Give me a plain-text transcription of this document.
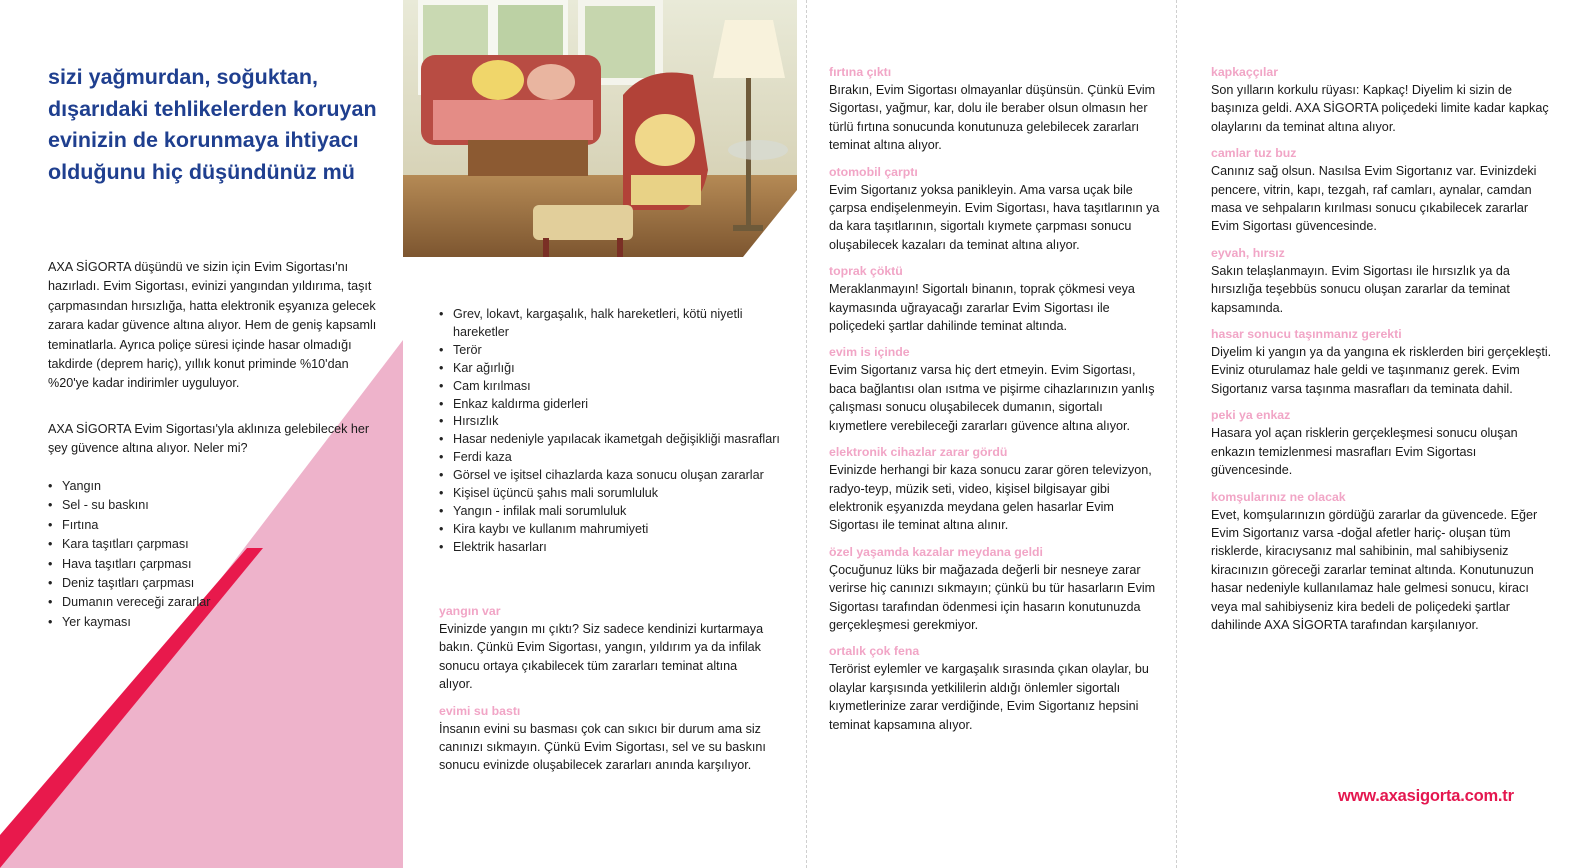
sizi yağmurdan, soğuktan, dışarıdaki tehlikelerden koruyan evinizin de korunmaya ihtiyacı olduğunu hiç düşündünüz mü

AXA SİGORTA düşündü ve sizin için Evim Sigortası'nı hazırladı. Evim Sigortası, evinizi yangından yıldırıma, taşıt çarpmasından hırsızlığa, hatta elektronik eşyanıza gelecek zarara kadar güvence altına alıyor. Hem de geniş kapsamlı teminatlarla. Ayrıca poliçe süresi içinde hasar olmadığı takdirde (deprem hariç), yıllık konut priminde %10'dan %20'ye kadar indirimler uyguluyor.

AXA SİGORTA Evim Sigortası'yla aklınıza gelebilecek her şey güvence altına alıyor. Neler mi?

• Yangın
• Sel - su baskını
• Fırtına
• Kara taşıtları çarpması
• Hava taşıtları çarpması
• Deniz taşıtları çarpması
• Dumanın vereceği zararlar
• Yer kayması
• Grev, lokavt, kargaşalık, halk hareketleri, kötü niyetli hareketler
• Terör
• Kar ağırlığı
• Cam kırılması
• Enkaz kaldırma giderleri
• Hırsızlık
• Hasar nedeniyle yapılacak ikametgah değişikliği masrafları
• Ferdi kaza
• Görsel ve işitsel cihazlarda kaza sonucu oluşan zararlar
• Kişisel üçüncü şahıs mali sorumluluk
• Yangın - infilak mali sorumluluk
• Kira kaybı ve kullanım mahrumiyeti
• Elektrik hasarları
yangın var

Evinizde yangın mı çıktı? Siz sadece kendinizi kurtarmaya bakın. Çünkü Evim Sigortası, yangın, yıldırım ya da infilak sonucu ortaya çıkabilecek tüm zararları teminat altına alıyor.

evimi su bastı

İnsanın evini su basması çok can sıkıcı bir durum ama siz canınızı sıkmayın. Çünkü Evim Sigortası, sel ve su baskını sonucu evinizde oluşabilecek zararları anında karşılıyor.

fırtına çıktı

Bırakın, Evim Sigortası olmayanlar düşünsün. Çünkü Evim Sigortası, yağmur, kar, dolu ile beraber olsun olmasın her türlü fırtına sonucunda konutunuza gelebilecek zararları teminat altına alıyor.

otomobil çarptı

Evim Sigortanız yoksa panikleyin. Ama varsa uçak bile çarpsa endişelenmeyin. Evim Sigortası, hava taşıtlarının ya da kara taşıtlarının, sigortalı kıymete çarpması sonucu oluşabilecek kazaları da teminat altına alıyor.

toprak çöktü

Meraklanmayın! Sigortalı binanın, toprak çökmesi veya kaymasında uğrayacağı zararlar Evim Sigortası ile poliçedeki şartlar dahilinde teminat altında.

evim is içinde

Evim Sigortanız varsa hiç dert etmeyin. Evim Sigortası, baca bağlantısı olan ısıtma ve pişirme cihazlarınızın yanlış çalışması sonucu oluşabilecek dumanın, sigortalı kıymetlere verebileceği zararları güvence altına alıyor.

elektronik cihazlar zarar gördü

Evinizde herhangi bir kaza sonucu zarar gören televizyon, radyo-teyp, müzik seti, video, kişisel bilgisayar gibi elektronik eşyanızda meydana gelen hasarlar Evim Sigortası ile teminat altına alınır.

özel yaşamda kazalar meydana geldi

Çocuğunuz lüks bir mağazada değerli bir nesneye zarar verirse hiç canınızı sıkmayın; çünkü bu tür hasarların Evim Sigortası tarafından ödenmesi için hasarın konutunuzda gerçekleşmesi gerekmiyor.

ortalık çok fena

Terörist eylemler ve kargaşalık sırasında çıkan olaylar, bu olaylar karşısında yetkililerin aldığı önlemler sigortalı kıymetlerinize zarar verdiğinde, Evim Sigortanız hepsini teminat kapsamına alıyor.

kapkaççılar

Son yılların korkulu rüyası: Kapkaç! Diyelim ki sizin de başınıza geldi. AXA SİGORTA poliçedeki limite kadar kapkaç olaylarını da teminat altına alıyor.

camlar tuz buz

Canınız sağ olsun. Nasılsa Evim Sigortanız var. Evinizdeki pencere, vitrin, kapı, tezgah, raf camları, aynalar, camdan masa ve sehpaların kırılması sonucu çıkabilecek zararlar Evim Sigortası güvencesinde.

eyvah, hırsız

Sakın telaşlanmayın. Evim Sigortası ile hırsızlık ya da hırsızlığa teşebbüs sonucu oluşan zararlar da teminat kapsamında.

hasar sonucu taşınmanız gerekti

Diyelim ki yangın ya da yangına ek risklerden biri gerçekleşti. Eviniz oturulamaz hale geldi ve taşınmanız gerek. Evim Sigortanız varsa taşınma masrafları da teminata dahil.

peki ya enkaz

Hasara yol açan risklerin gerçekleşmesi sonucu oluşan enkazın temizlenmesi masrafları Evim Sigortası güvencesinde.

komşularınız ne olacak

Evet, komşularınızın gördüğü zararlar da güvencede. Eğer Evim Sigortanız varsa -doğal afetler hariç- oluşan tüm risklerde, kiracıysanız mal sahibinin, mal sahibiyseniz kiracınızın göreceği zararlar teminat altında. Konutunuzun hasar nedeniyle kullanılamaz hale gelmesi sonucu, kiracı veya mal sahibiyseniz kira bedeli de poliçedeki şartlar dahilinde AXA SİGORTA tarafından karşılanıyor.

www.axasigorta.com.tr
